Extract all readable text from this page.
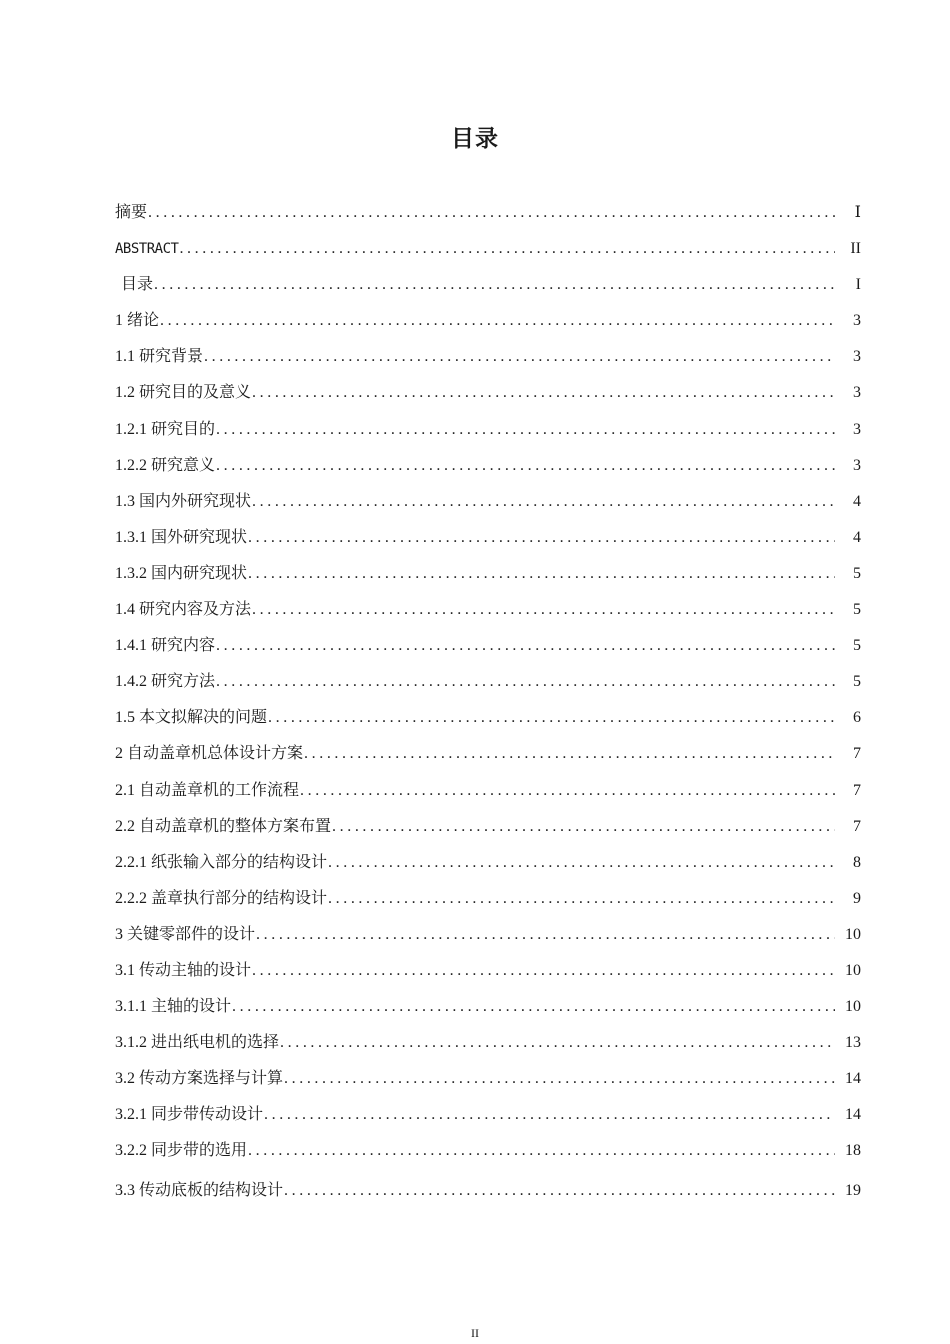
目录
摘要 .....	Ⅰ
ABSTRACT .....	II
目录 .....	I
1 绪论 .....	3
1.1 研究背景 .....	3
1.2 研究目的及意义 .....	3
1.2.1 研究目的 .....	3
1.2.2 研究意义 .....	3
1.3 国内外研究现状 .....	4
1.3.1 国外研究现状 .....	4
1.3.2 国内研究现状 .....	5
1.4 研究内容及方法 .....	5
1.4.1 研究内容 .....	5
1.4.2 研究方法 .....	5
1.5 本文拟解决的问题 .....	6
2 自动盖章机总体设计方案 .....	7
2.1 自动盖章机的工作流程 .....	7
2.2 自动盖章机的整体方案布置 .....	7
2.2.1 纸张输入部分的结构设计 .....	8
2.2.2 盖章执行部分的结构设计 .....	9
3 关键零部件的设计 .....	10
3.1 传动主轴的设计 .....	10
3.1.1 主轴的设计 .....	10
3.1.2 进出纸电机的选择 .....	13
3.2 传动方案选择与计算 .....	14
3.2.1 同步带传动设计 .....	14
3.2.2 同步带的选用 .....	18
3.3 传动底板的结构设计 .....	19
II
